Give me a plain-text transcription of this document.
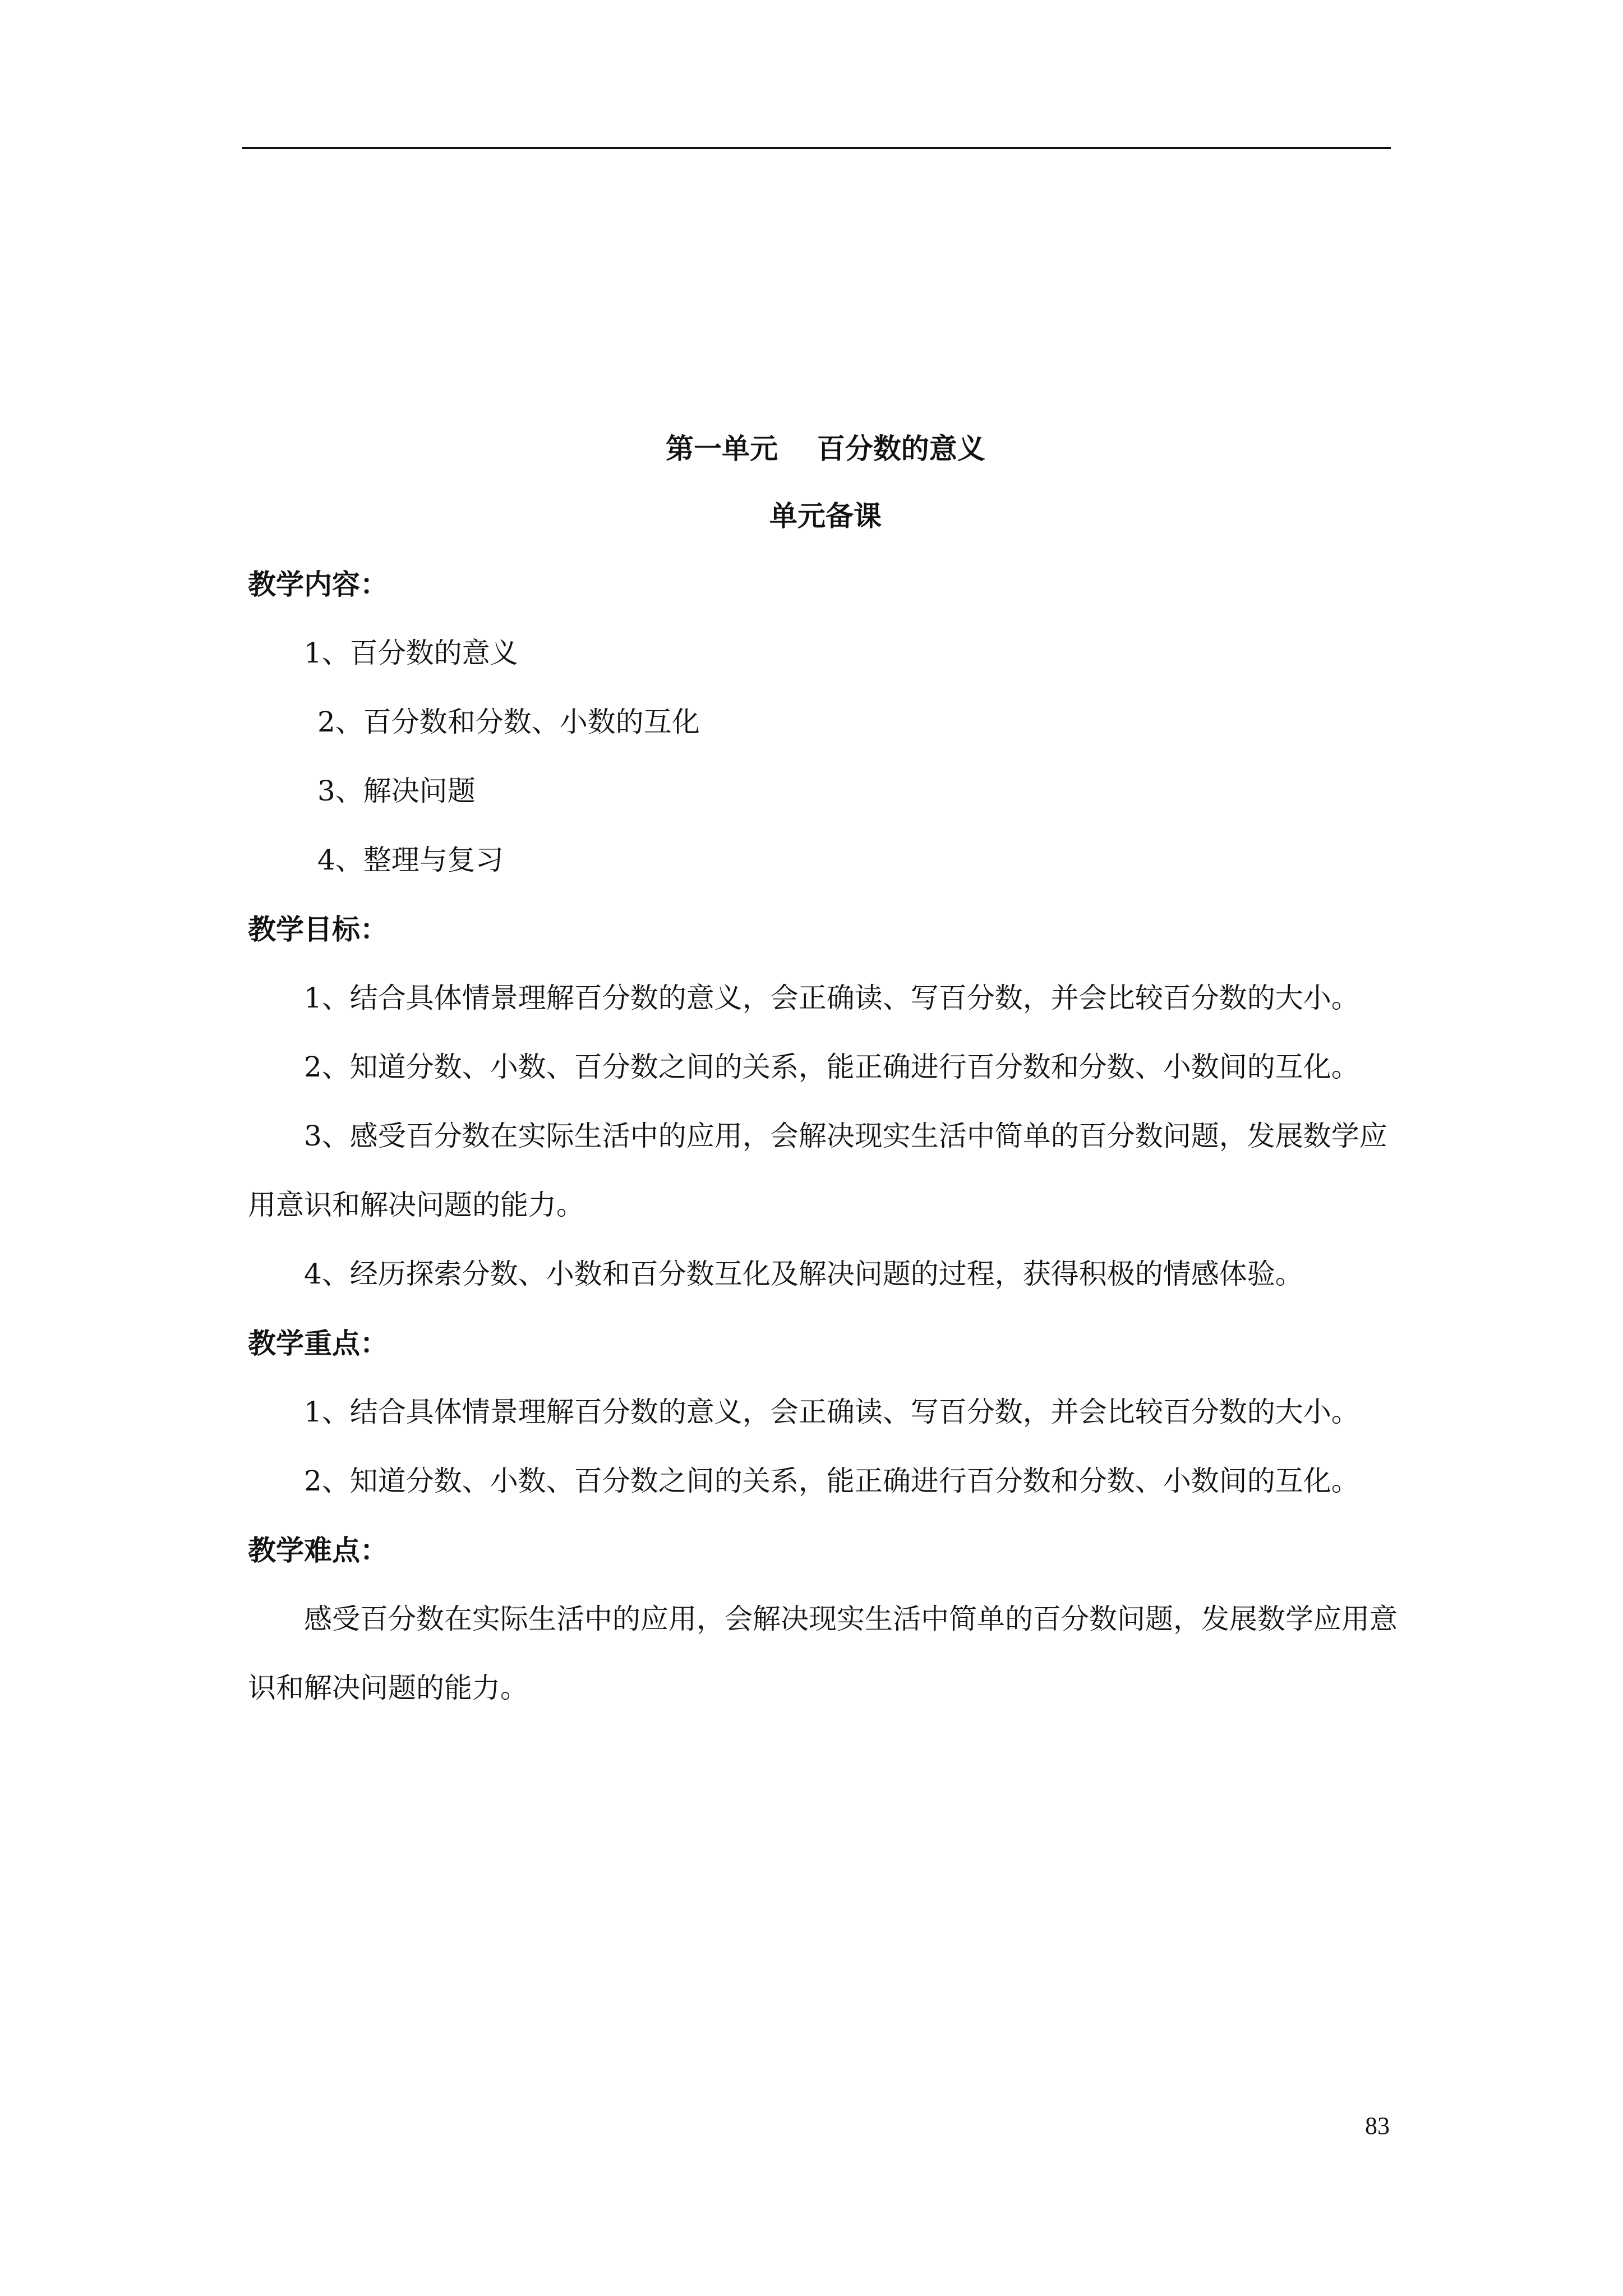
第一单元    百分数的意义
单元备课
教学内容：
1、百分数的意义
2、百分数和分数、小数的互化
3、解决问题
4、整理与复习
教学目标：

1、结合具体情景理解百分数的意义，会正确读、写百分数，并会比较百分数的大小。

2、知道分数、小数、百分数之间的关系，能正确进行百分数和分数、小数间的互化。

3、感受百分数在实际生活中的应用，会解决现实生活中简单的百分数问题，发展数学应用意识和解决问题的能力。

4、经历探索分数、小数和百分数互化及解决问题的过程，获得积极的情感体验。

教学重点：

1、结合具体情景理解百分数的意义，会正确读、写百分数，并会比较百分数的大小。

2、知道分数、小数、百分数之间的关系，能正确进行百分数和分数、小数间的互化。

教学难点：

感受百分数在实际生活中的应用，会解决现实生活中简单的百分数问题，发展数学应用意识和解决问题的能力。

83
